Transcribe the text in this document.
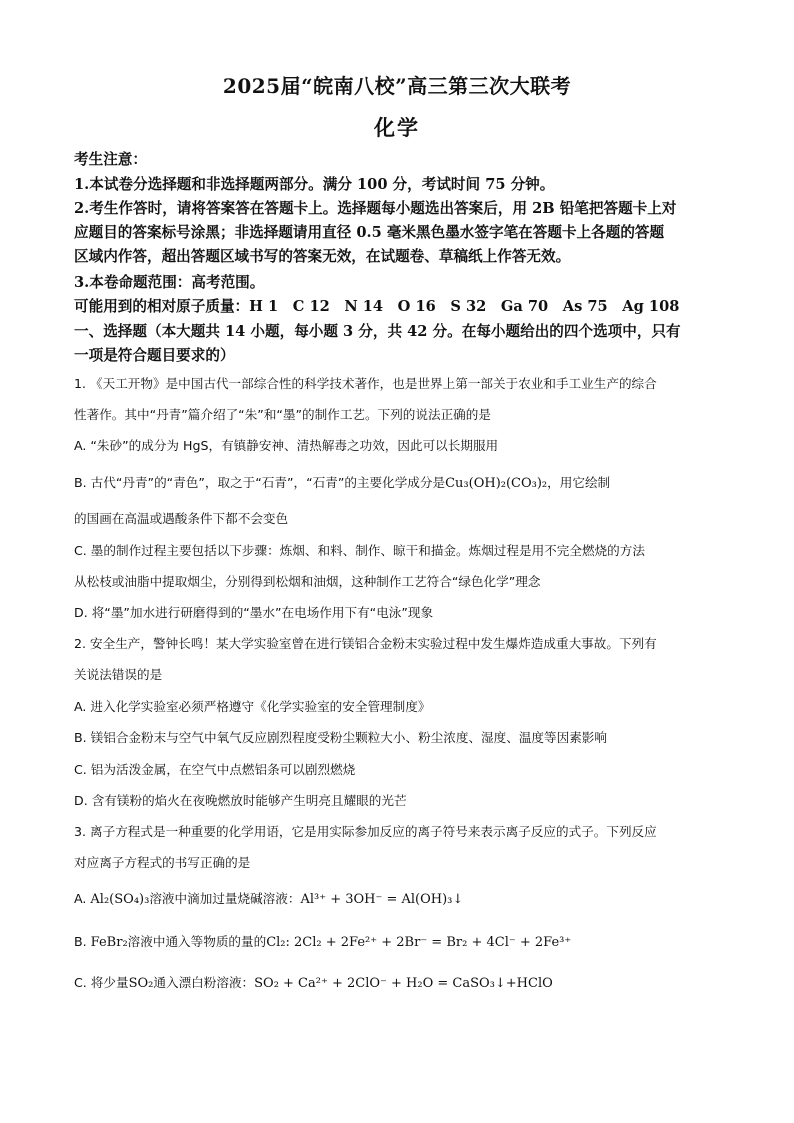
2025届“皖南八校”高三第三次大联考
化学
考生注意：
1.本试卷分选择题和非选择题两部分。满分 100 分，考试时间 75 分钟。
2.考生作答时，请将答案答在答题卡上。选择题每小题选出答案后，用 2B 铅笔把答题卡上对
应题目的答案标号涂黑；非选择题请用直径 0.5 毫米黑色墨水签字笔在答题卡上各题的答题
区域内作答，超出答题区域书写的答案无效，在试题卷、草稿纸上作答无效。
3.本卷命题范围：高考范围。
可能用到的相对原子质量：H 1　C 12　N 14　O 16　S 32　Ga 70　As 75　Ag 108
一、选择题（本大题共 14 小题，每小题 3 分，共 42 分。在每小题给出的四个选项中，只有
一项是符合题目要求的）
1. 《天工开物》是中国古代一部综合性的科学技术著作，也是世界上第一部关于农业和手工业生产的综合
性著作。其中“丹青”篇介绍了“朱”和“墨”的制作工艺。下列的说法正确的是
A. “朱砂”的成分为 HgS，有镇静安神、清热解毒之功效，因此可以长期服用
B. 古代“丹青”的“青色”，取之于“石青”，“石青”的主要化学成分是Cu₃(OH)₂(CO₃)₂，用它绘制
的国画在高温或遇酸条件下都不会变色
C. 墨的制作过程主要包括以下步骤：炼烟、和料、制作、晾干和描金。炼烟过程是用不完全燃烧的方法
从松枝或油脂中提取烟尘，分别得到松烟和油烟，这种制作工艺符合“绿色化学”理念
D. 将“墨”加水进行研磨得到的“墨水”在电场作用下有“电泳”现象
2. 安全生产，警钟长鸣！某大学实验室曾在进行镁铝合金粉末实验过程中发生爆炸造成重大事故。下列有
关说法错误的是
A. 进入化学实验室必须严格遵守《化学实验室的安全管理制度》
B. 镁铝合金粉末与空气中氧气反应剧烈程度受粉尘颗粒大小、粉尘浓度、湿度、温度等因素影响
C. 铝为活泼金属，在空气中点燃铝条可以剧烈燃烧
D. 含有镁粉的焰火在夜晚燃放时能够产生明亮且耀眼的光芒
3. 离子方程式是一种重要的化学用语，它是用实际参加反应的离子符号来表示离子反应的式子。下列反应
对应离子方程式的书写正确的是
A. Al₂(SO₄)₃溶液中滴加过量烧碱溶液：Al³⁺ + 3OH⁻ = Al(OH)₃↓
B. FeBr₂溶液中通入等物质的量的Cl₂: 2Cl₂ + 2Fe²⁺ + 2Br⁻ = Br₂ + 4Cl⁻ + 2Fe³⁺
C. 将少量SO₂通入漂白粉溶液：SO₂ + Ca²⁺ + 2ClO⁻ + H₂O = CaSO₃↓+HClO
